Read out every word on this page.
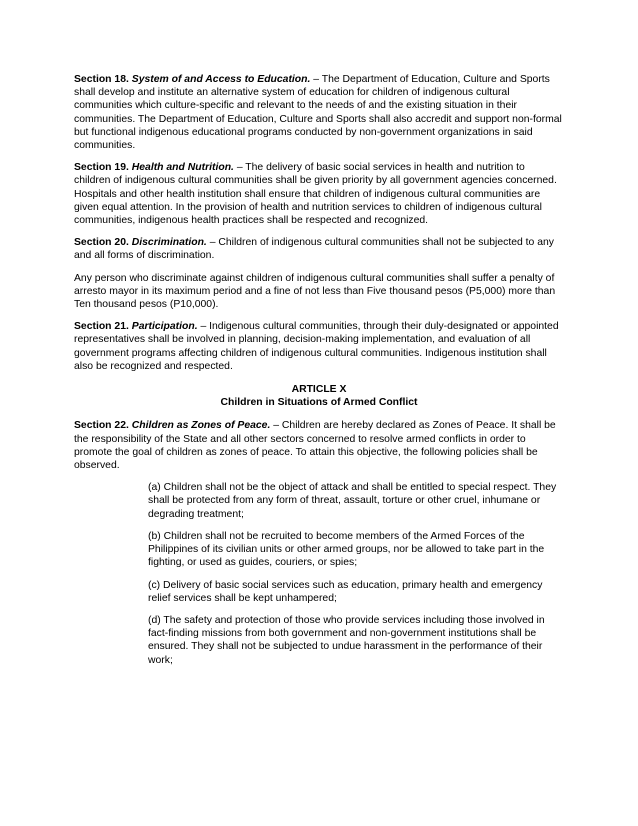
Section 18. System of and Access to Education. – The Department of Education, Culture and Sports shall develop and institute an alternative system of education for children of indigenous cultural communities which culture-specific and relevant to the needs of and the existing situation in their communities. The Department of Education, Culture and Sports shall also accredit and support non-formal but functional indigenous educational programs conducted by non-government organizations in said communities.

Section 19. Health and Nutrition. – The delivery of basic social services in health and nutrition to children of indigenous cultural communities shall be given priority by all government agencies concerned. Hospitals and other health institution shall ensure that children of indigenous cultural communities are given equal attention. In the provision of health and nutrition services to children of indigenous cultural communities, indigenous health practices shall be respected and recognized.

Section 20. Discrimination. – Children of indigenous cultural communities shall not be subjected to any and all forms of discrimination.

Any person who discriminate against children of indigenous cultural communities shall suffer a penalty of arresto mayor in its maximum period and a fine of not less than Five thousand pesos (P5,000) more than Ten thousand pesos (P10,000).

Section 21. Participation. – Indigenous cultural communities, through their duly-designated or appointed representatives shall be involved in planning, decision-making implementation, and evaluation of all government programs affecting children of indigenous cultural communities. Indigenous institution shall also be recognized and respected.

ARTICLE X
Children in Situations of Armed Conflict

Section 22. Children as Zones of Peace. – Children are hereby declared as Zones of Peace. It shall be the responsibility of the State and all other sectors concerned to resolve armed conflicts in order to promote the goal of children as zones of peace. To attain this objective, the following policies shall be observed.

(a) Children shall not be the object of attack and shall be entitled to special respect. They shall be protected from any form of threat, assault, torture or other cruel, inhumane or degrading treatment;

(b) Children shall not be recruited to become members of the Armed Forces of the Philippines of its civilian units or other armed groups, nor be allowed to take part in the fighting, or used as guides, couriers, or spies;

(c) Delivery of basic social services such as education, primary health and emergency relief services shall be kept unhampered;

(d) The safety and protection of those who provide services including those involved in fact-finding missions from both government and non-government institutions shall be ensured. They shall not be subjected to undue harassment in the performance of their work;
